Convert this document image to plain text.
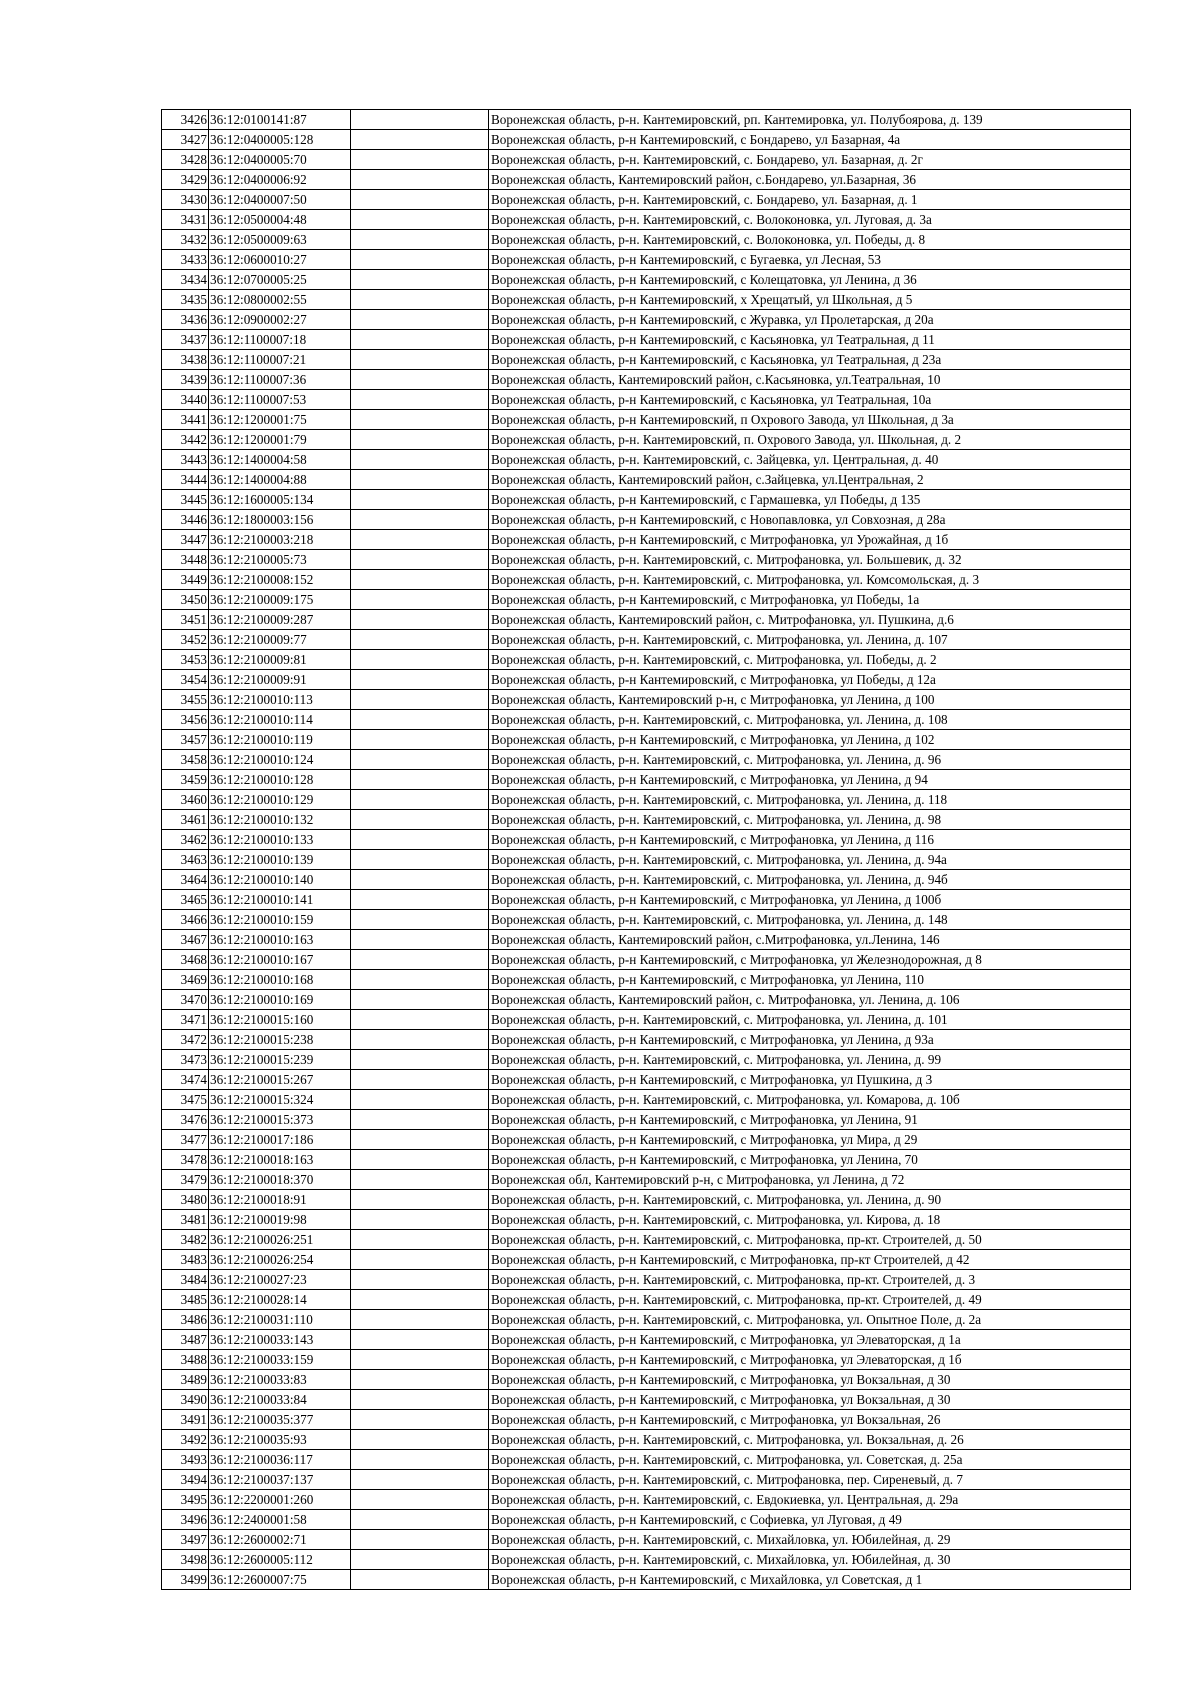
3426	36:12:0100141:87		Воронежская область, р-н. Кантемировский, рп. Кантемировка, ул. Полубоярова, д. 139
3427	36:12:0400005:128		Воронежская область, р-н Кантемировский, с Бондарево, ул Базарная, 4а
3428	36:12:0400005:70		Воронежская область, р-н. Кантемировский, с. Бондарево, ул. Базарная, д. 2г
3429	36:12:0400006:92		Воронежская область, Кантемировский район, с.Бондарево, ул.Базарная, 36
3430	36:12:0400007:50		Воронежская область, р-н. Кантемировский, с. Бондарево, ул. Базарная, д. 1
3431	36:12:0500004:48		Воронежская область, р-н. Кантемировский, с. Волоконовка, ул. Луговая, д. 3а
3432	36:12:0500009:63		Воронежская область, р-н. Кантемировский, с. Волоконовка, ул. Победы, д. 8
3433	36:12:0600010:27		Воронежская область, р-н Кантемировский, с Бугаевка, ул Лесная, 53
3434	36:12:0700005:25		Воронежская область, р-н Кантемировский, с Колещатовка, ул Ленина, д 36
3435	36:12:0800002:55		Воронежская область, р-н Кантемировский, х Хрещатый, ул Школьная, д 5
3436	36:12:0900002:27		Воронежская область, р-н Кантемировский, с Журавка, ул Пролетарская, д 20а
3437	36:12:1100007:18		Воронежская область, р-н Кантемировский, с Касьяновка, ул Театральная, д 11
3438	36:12:1100007:21		Воронежская область, р-н Кантемировский, с Касьяновка, ул Театральная, д 23а
3439	36:12:1100007:36		Воронежская область, Кантемировский район, с.Касьяновка, ул.Театральная, 10
3440	36:12:1100007:53		Воронежская область, р-н Кантемировский, с Касьяновка, ул Театральная, 10а
3441	36:12:1200001:75		Воронежская область, р-н Кантемировский, п Охрового Завода, ул Школьная, д 3а
3442	36:12:1200001:79		Воронежская область, р-н. Кантемировский, п. Охрового Завода, ул. Школьная, д. 2
3443	36:12:1400004:58		Воронежская область, р-н. Кантемировский, с. Зайцевка, ул. Центральная, д. 40
3444	36:12:1400004:88		Воронежская область, Кантемировский район, с.Зайцевка, ул.Центральная, 2
3445	36:12:1600005:134		Воронежская область, р-н Кантемировский, с Гармашевка, ул Победы, д 135
3446	36:12:1800003:156		Воронежская область, р-н Кантемировский, с Новопавловка, ул Совхозная, д 28а
3447	36:12:2100003:218		Воронежская область, р-н Кантемировский, с Митрофановка, ул Урожайная, д 1б
3448	36:12:2100005:73		Воронежская область, р-н. Кантемировский, с. Митрофановка, ул. Большевик, д. 32
3449	36:12:2100008:152		Воронежская область, р-н. Кантемировский, с. Митрофановка, ул. Комсомольская, д. 3
3450	36:12:2100009:175		Воронежская область, р-н Кантемировский, с Митрофановка, ул Победы, 1а
3451	36:12:2100009:287		Воронежская область, Кантемировский район, с. Митрофановка, ул. Пушкина, д.6
3452	36:12:2100009:77		Воронежская область, р-н. Кантемировский, с. Митрофановка, ул. Ленина, д. 107
3453	36:12:2100009:81		Воронежская область, р-н. Кантемировский, с. Митрофановка, ул. Победы, д. 2
3454	36:12:2100009:91		Воронежская область, р-н Кантемировский, с Митрофановка, ул Победы, д 12а
3455	36:12:2100010:113		Воронежская область, Кантемировский р-н, с Митрофановка, ул Ленина, д 100
3456	36:12:2100010:114		Воронежская область, р-н. Кантемировский, с. Митрофановка, ул. Ленина, д. 108
3457	36:12:2100010:119		Воронежская область, р-н Кантемировский, с Митрофановка, ул Ленина, д 102
3458	36:12:2100010:124		Воронежская область, р-н. Кантемировский, с. Митрофановка, ул. Ленина, д. 96
3459	36:12:2100010:128		Воронежская область, р-н Кантемировский, с Митрофановка, ул Ленина, д 94
3460	36:12:2100010:129		Воронежская область, р-н. Кантемировский, с. Митрофановка, ул. Ленина, д. 118
3461	36:12:2100010:132		Воронежская область, р-н. Кантемировский, с. Митрофановка, ул. Ленина, д. 98
3462	36:12:2100010:133		Воронежская область, р-н Кантемировский, с Митрофановка, ул Ленина, д 116
3463	36:12:2100010:139		Воронежская область, р-н. Кантемировский, с. Митрофановка, ул. Ленина, д. 94а
3464	36:12:2100010:140		Воронежская область, р-н. Кантемировский, с. Митрофановка, ул. Ленина, д. 94б
3465	36:12:2100010:141		Воронежская область, р-н Кантемировский, с Митрофановка, ул Ленина, д 100б
3466	36:12:2100010:159		Воронежская область, р-н. Кантемировский, с. Митрофановка, ул. Ленина, д. 148
3467	36:12:2100010:163		Воронежская область, Кантемировский район, с.Митрофановка, ул.Ленина, 146
3468	36:12:2100010:167		Воронежская область, р-н Кантемировский, с Митрофановка, ул Железнодорожная, д 8
3469	36:12:2100010:168		Воронежская область, р-н Кантемировский, с Митрофановка, ул Ленина, 110
3470	36:12:2100010:169		Воронежская область, Кантемировский район, с. Митрофановка, ул. Ленина, д. 106
3471	36:12:2100015:160		Воронежская область, р-н. Кантемировский, с. Митрофановка, ул. Ленина, д. 101
3472	36:12:2100015:238		Воронежская область, р-н Кантемировский, с Митрофановка, ул Ленина, д 93а
3473	36:12:2100015:239		Воронежская область, р-н. Кантемировский, с. Митрофановка, ул. Ленина, д. 99
3474	36:12:2100015:267		Воронежская область, р-н Кантемировский, с Митрофановка, ул Пушкина, д 3
3475	36:12:2100015:324		Воронежская область, р-н. Кантемировский, с. Митрофановка, ул. Комарова, д. 10б
3476	36:12:2100015:373		Воронежская область, р-н Кантемировский, с Митрофановка, ул Ленина, 91
3477	36:12:2100017:186		Воронежская область, р-н Кантемировский, с Митрофановка, ул Мира, д 29
3478	36:12:2100018:163		Воронежская область, р-н Кантемировский, с Митрофановка, ул Ленина, 70
3479	36:12:2100018:370		Воронежская обл, Кантемировский р-н, с Митрофановка, ул Ленина, д 72
3480	36:12:2100018:91		Воронежская область, р-н. Кантемировский, с. Митрофановка, ул. Ленина, д. 90
3481	36:12:2100019:98		Воронежская область, р-н. Кантемировский, с. Митрофановка, ул. Кирова, д. 18
3482	36:12:2100026:251		Воронежская область, р-н. Кантемировский, с. Митрофановка, пр-кт. Строителей, д. 50
3483	36:12:2100026:254		Воронежская область, р-н Кантемировский, с Митрофановка, пр-кт Строителей, д 42
3484	36:12:2100027:23		Воронежская область, р-н. Кантемировский, с. Митрофановка, пр-кт. Строителей, д. 3
3485	36:12:2100028:14		Воронежская область, р-н. Кантемировский, с. Митрофановка, пр-кт. Строителей, д. 49
3486	36:12:2100031:110		Воронежская область, р-н. Кантемировский, с. Митрофановка, ул. Опытное Поле, д. 2а
3487	36:12:2100033:143		Воронежская область, р-н Кантемировский, с Митрофановка, ул Элеваторская, д 1а
3488	36:12:2100033:159		Воронежская область, р-н Кантемировский, с Митрофановка, ул Элеваторская, д 1б
3489	36:12:2100033:83		Воронежская область, р-н Кантемировский, с Митрофановка, ул Вокзальная, д 30
3490	36:12:2100033:84		Воронежская область, р-н Кантемировский, с Митрофановка, ул Вокзальная, д 30
3491	36:12:2100035:377		Воронежская область, р-н Кантемировский, с Митрофановка, ул Вокзальная, 26
3492	36:12:2100035:93		Воронежская область, р-н. Кантемировский, с. Митрофановка, ул. Вокзальная, д. 26
3493	36:12:2100036:117		Воронежская область, р-н. Кантемировский, с. Митрофановка, ул. Советская, д. 25а
3494	36:12:2100037:137		Воронежская область, р-н. Кантемировский, с. Митрофановка, пер. Сиреневый, д. 7
3495	36:12:2200001:260		Воронежская область, р-н. Кантемировский, с. Евдокиевка, ул. Центральная, д. 29а
3496	36:12:2400001:58		Воронежская область, р-н Кантемировский, с Софиевка, ул Луговая, д 49
3497	36:12:2600002:71		Воронежская область, р-н. Кантемировский, с. Михайловка, ул. Юбилейная, д. 29
3498	36:12:2600005:112		Воронежская область, р-н. Кантемировский, с. Михайловка, ул. Юбилейная, д. 30
3499	36:12:2600007:75		Воронежская область, р-н Кантемировский, с Михайловка, ул Советская, д 1
